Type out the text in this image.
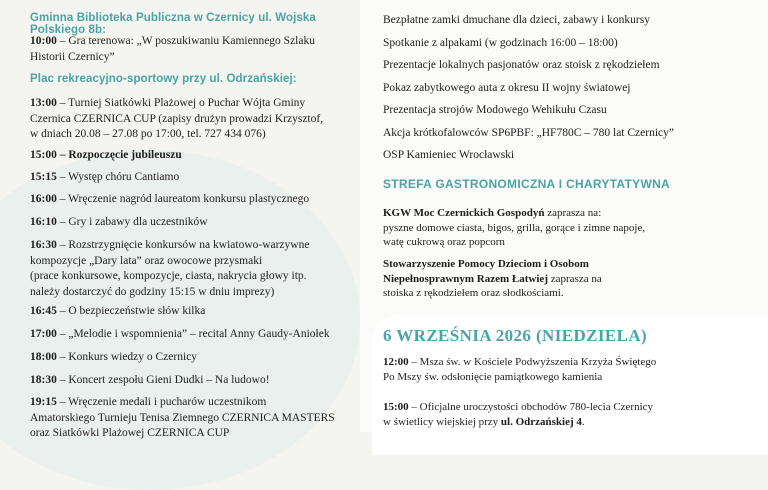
Gminna Biblioteka Publiczna w Czernicy ul. Wojska Polskiego 8b:
10:00 – Gra terenowa: „W poszukiwaniu Kamiennego Szlaku
Historii Czernicy”
Plac rekreacyjno-sportowy przy ul. Odrzańskiej:
13:00 – Turniej Siatkówki Plażowej o Puchar Wójta Gminy
Czernica CZERNICA CUP (zapisy drużyn prowadzi Krzysztof,
w dniach 20.08 – 27.08 po 17:00, tel. 727 434 076)
15:00 – Rozpoczęcie jubileuszu
15:15 – Występ chóru Cantiamo
16:00 – Wręczenie nagród laureatom konkursu plastycznego
16:10 – Gry i zabawy dla uczestników
16:30 – Rozstrzygnięcie konkursów na kwiatowo-warzywne
kompozycje „Dary lata” oraz owocowe przysmaki
(prace konkursowe, kompozycje, ciasta, nakrycia głowy itp.
należy dostarczyć do godziny 15:15 w dniu imprezy)
16:45 – O bezpieczeństwie słów kilka
17:00 – „Melodie i wspomnienia” – recital Anny Gaudy-Aniołek
18:00 – Konkurs wiedzy o Czernicy
18:30 – Koncert zespołu Gieni Dudki – Na ludowo!
19:15 – Wręczenie medali i pucharów uczestnikom
Amatorskiego Turnieju Tenisa Ziemnego CZERNICA MASTERS
oraz Siatkówki Plażowej CZERNICA CUP
Bezpłatne zamki dmuchane dla dzieci, zabawy i konkursy
Spotkanie z alpakami (w godzinach 16:00 – 18:00)
Prezentacje lokalnych pasjonatów oraz stoisk z rękodziełem
Pokaz zabytkowego auta z okresu II wojny światowej
Prezentacja strojów Modowego Wehikułu Czasu
Akcja krótkofalowców SP6PBF: „HF780C – 780 lat Czernicy”
OSP Kamieniec Wrocławski
STREFA GASTRONOMICZNA I CHARYTATYWNA
KGW Moc Czernickich Gospodyń zaprasza na:
pyszne domowe ciasta, bigos, grilla, gorące i zimne napoje,
watę cukrową oraz popcorn
Stowarzyszenie Pomocy Dzieciom i Osobom
Niepełnosprawnym Razem Łatwiej zaprasza na
stoiska z rękodziełem oraz słodkościami.
6 WRZEŚNIA 2026 (NIEDZIELA)
12:00 – Msza św. w Kościele Podwyższenia Krzyża Świętego
Po Mszy św. odsłonięcie pamiątkowego kamienia
15:00 – Oficjalne uroczystości obchodów 780-lecia Czernicy
w świetlicy wiejskiej przy ul. Odrzańskiej 4.
